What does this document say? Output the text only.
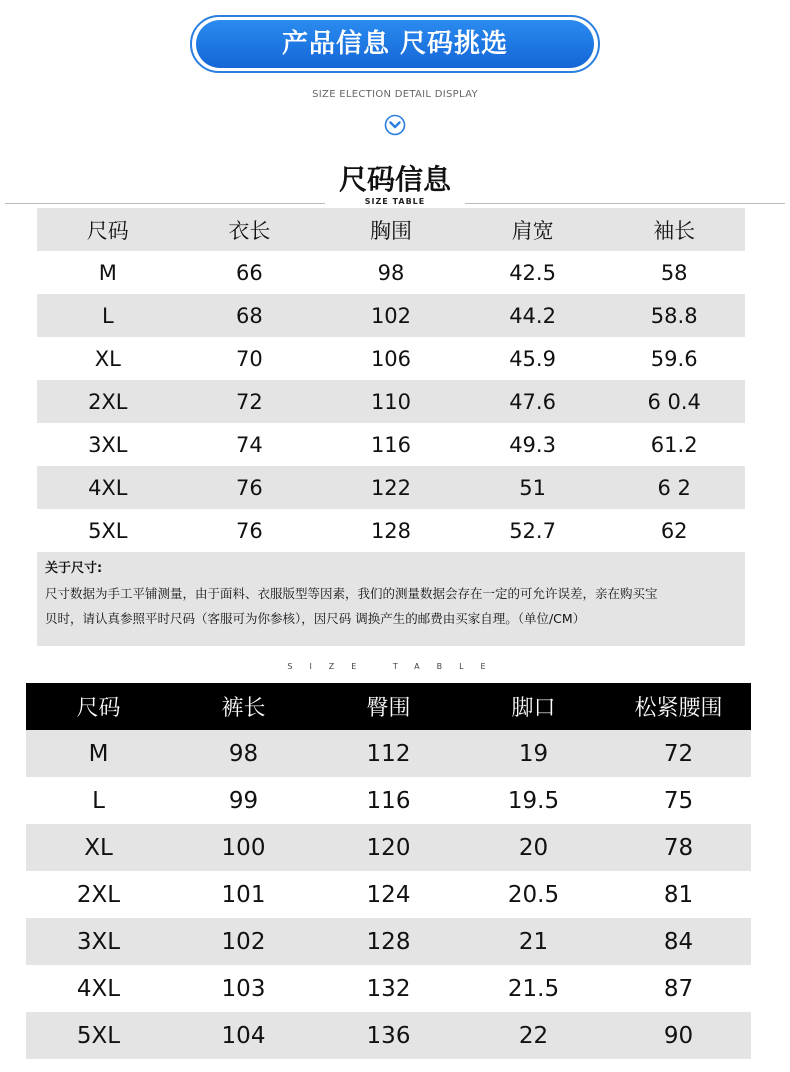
产品信息 尺码挑选
SIZE ELECTION DETAIL DISPLAY
尺码信息
SIZE TABLE
尺码	衣长	胸围	肩宽	袖长
M	66	98	42.5	58
L	68	102	44.2	58.8
XL	70	106	45.9	59.6
2XL	72	110	47.6	6 0.4
3XL	74	116	49.3	61.2
4XL	76	122	51	6 2
5XL	76	128	52.7	62
关于尺寸:
尺寸数据为手工平铺测量，由于面料、衣服版型等因素，我们的测量数据会存在一定的可允许误差，亲在购买宝
贝时，请认真参照平时尺码（客服可为你参核），因尺码 调换产生的邮费由买家自理。（单位/CM）
SIZE TABLE
尺码	裤长	臀围	脚口	松紧腰围
M	98	112	19	72
L	99	116	19.5	75
XL	100	120	20	78
2XL	101	124	20.5	81
3XL	102	128	21	84
4XL	103	132	21.5	87
5XL	104	136	22	90
